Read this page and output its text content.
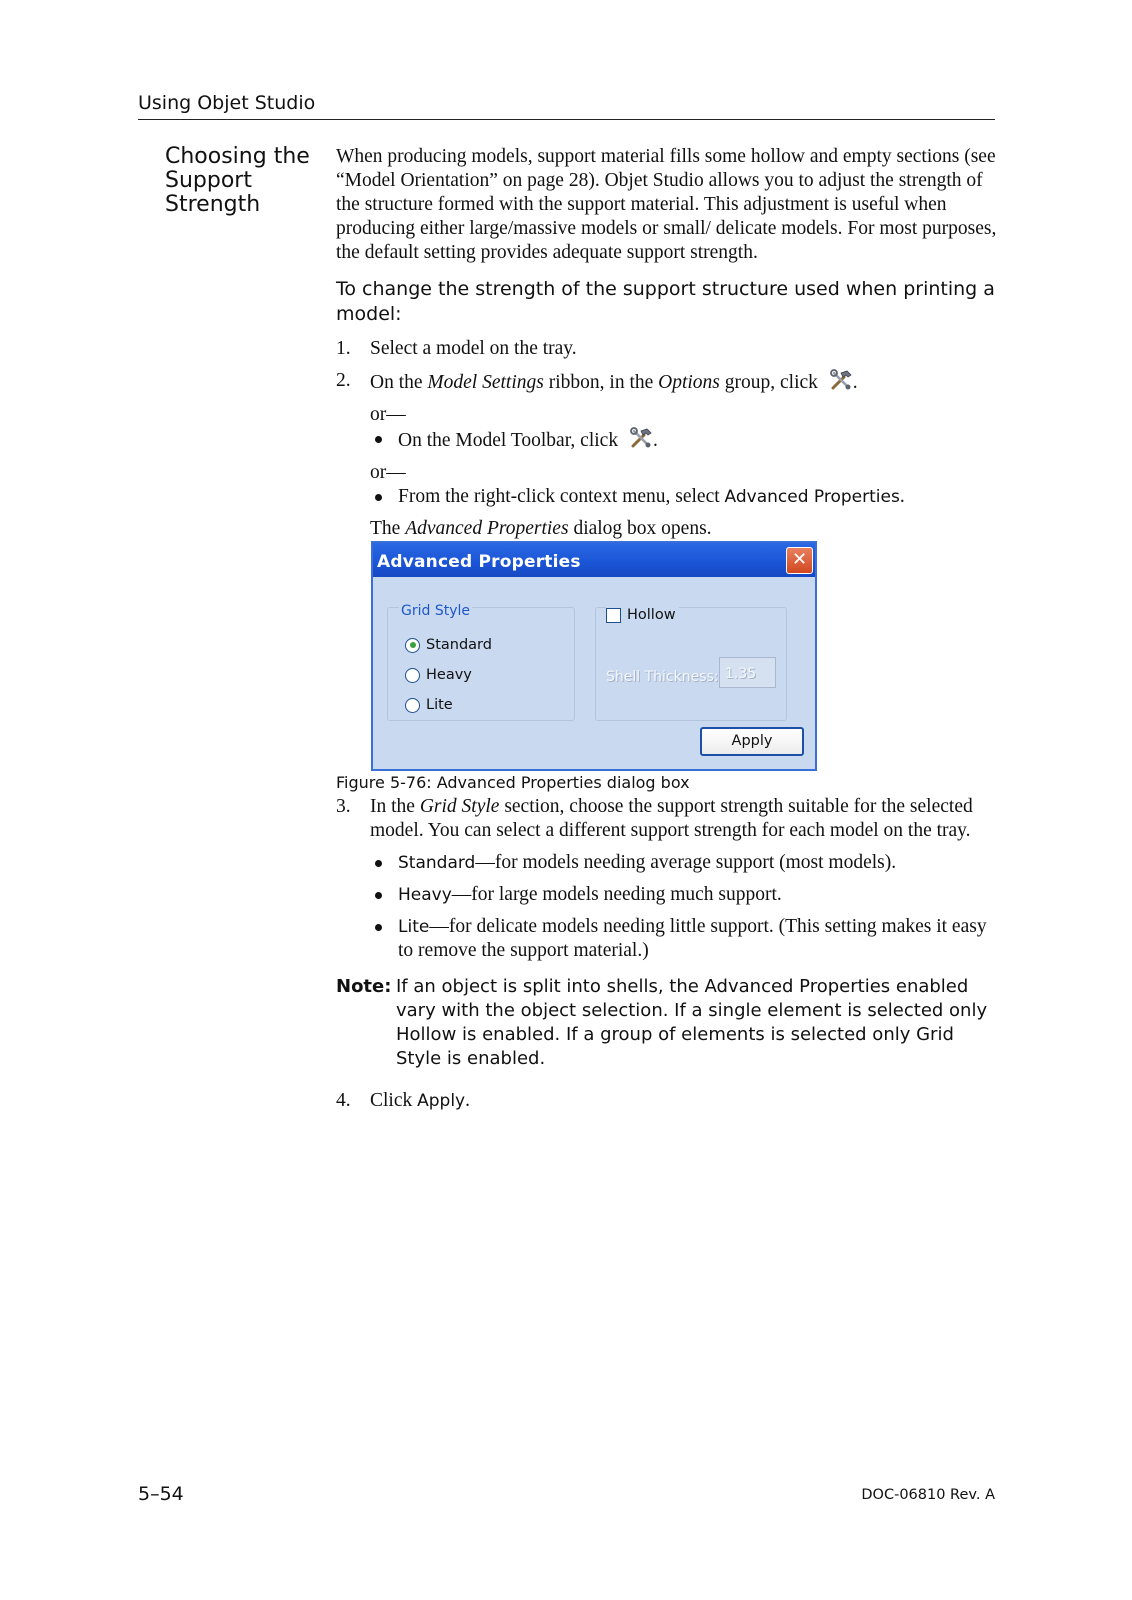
Using Objet Studio
Choosing the Support Strength

When producing models, support material fills some hollow and empty sections (see “Model Orientation” on page 28). Objet Studio allows you to adjust the strength of the structure formed with the support material. This adjustment is useful when producing either large/massive models or small/ delicate models. For most purposes, the default setting provides adequate support strength.

To change the strength of the support structure used when printing a model:

1. Select a model on the tray.
2. On the Model Settings ribbon, in the Options group, click .

or—

On the Model Toolbar, click .

or—

From the right-click context menu, select Advanced Properties.

The Advanced Properties dialog box opens.

Advanced Properties	✕
Grid Style
Standard
Heavy
Lite
Hollow
Shell Thickness: 1.35
Apply

Figure 5-76: Advanced Properties dialog box

3. In the Grid Style section, choose the support strength suitable for the selected model. You can select a different support strength for each model on the tray.
Standard—for models needing average support (most models).
Heavy—for large models needing much support.
Lite—for delicate models needing little support. (This setting makes it easy to remove the support material.)
Note: If an object is split into shells, the Advanced Properties enabled vary with the object selection. If a single element is selected only Hollow is enabled. If a group of elements is selected only Grid Style is enabled.
4. Click Apply.
5–54	DOC-06810 Rev. A
